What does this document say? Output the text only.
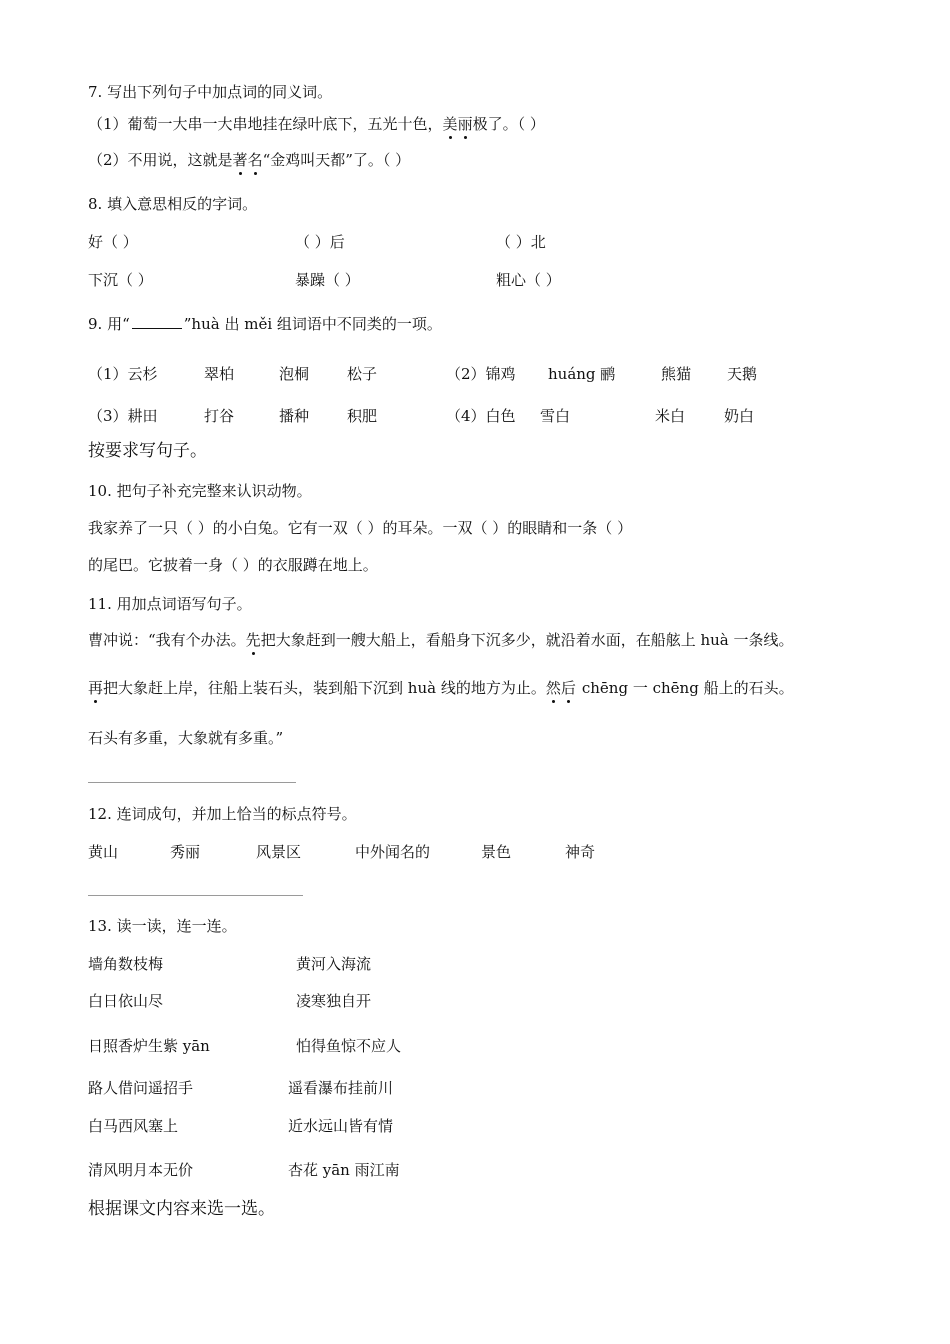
7. 写出下列句子中加点词的同义词。
（1）葡萄一大串一大串地挂在绿叶底下，五光十色，美丽极了。（ ）
（2）不用说，这就是著名“金鸡叫天都”了。（ ）
8. 填入意思相反的字词。
好（ ）	（ ）后	（ ）北
下沉（ ）	暴躁（ ）	粗心（ ）
9. 用“	”huà 出 měi 组词语中不同类的一项。
（1）云杉	翠柏	泡桐	松子	（2）锦鸡 huáng 鹂	熊猫 天鹅
（3）耕田	打谷	播种	积肥	（4）白色 雪白	米白	奶白
按要求写句子。
10. 把句子补充完整来认识动物。
我家养了一只（ ）的小白兔。它有一双（ ）的耳朵。一双（ ）的眼睛和一条（ ）
的尾巴。它披着一身（ ）的衣服蹲在地上。
11. 用加点词语写句子。
曹冲说：“我有个办法。先把大象赶到一艘大船上，看船身下沉多少，就沿着水面，在船舷上 huà 一条线。
再把大象赶上岸，往船上装石头，装到船下沉到 huà 线的地方为止。然后 chēng 一 chēng 船上的石头。
石头有多重，大象就有多重。”
12. 连词成句，并加上恰当的标点符号。
黄山	秀丽	风景区	中外闻名的	景色	神奇
13. 读一读，连一连。
墙角数枝梅	黄河入海流
白日依山尽	凌寒独自开
日照香炉生紫 yān	怕得鱼惊不应人
路人借问遥招手	遥看瀑布挂前川
白马西风塞上	近水远山皆有情
清风明月本无价	杏花 yān 雨江南
根据课文内容来选一选。
